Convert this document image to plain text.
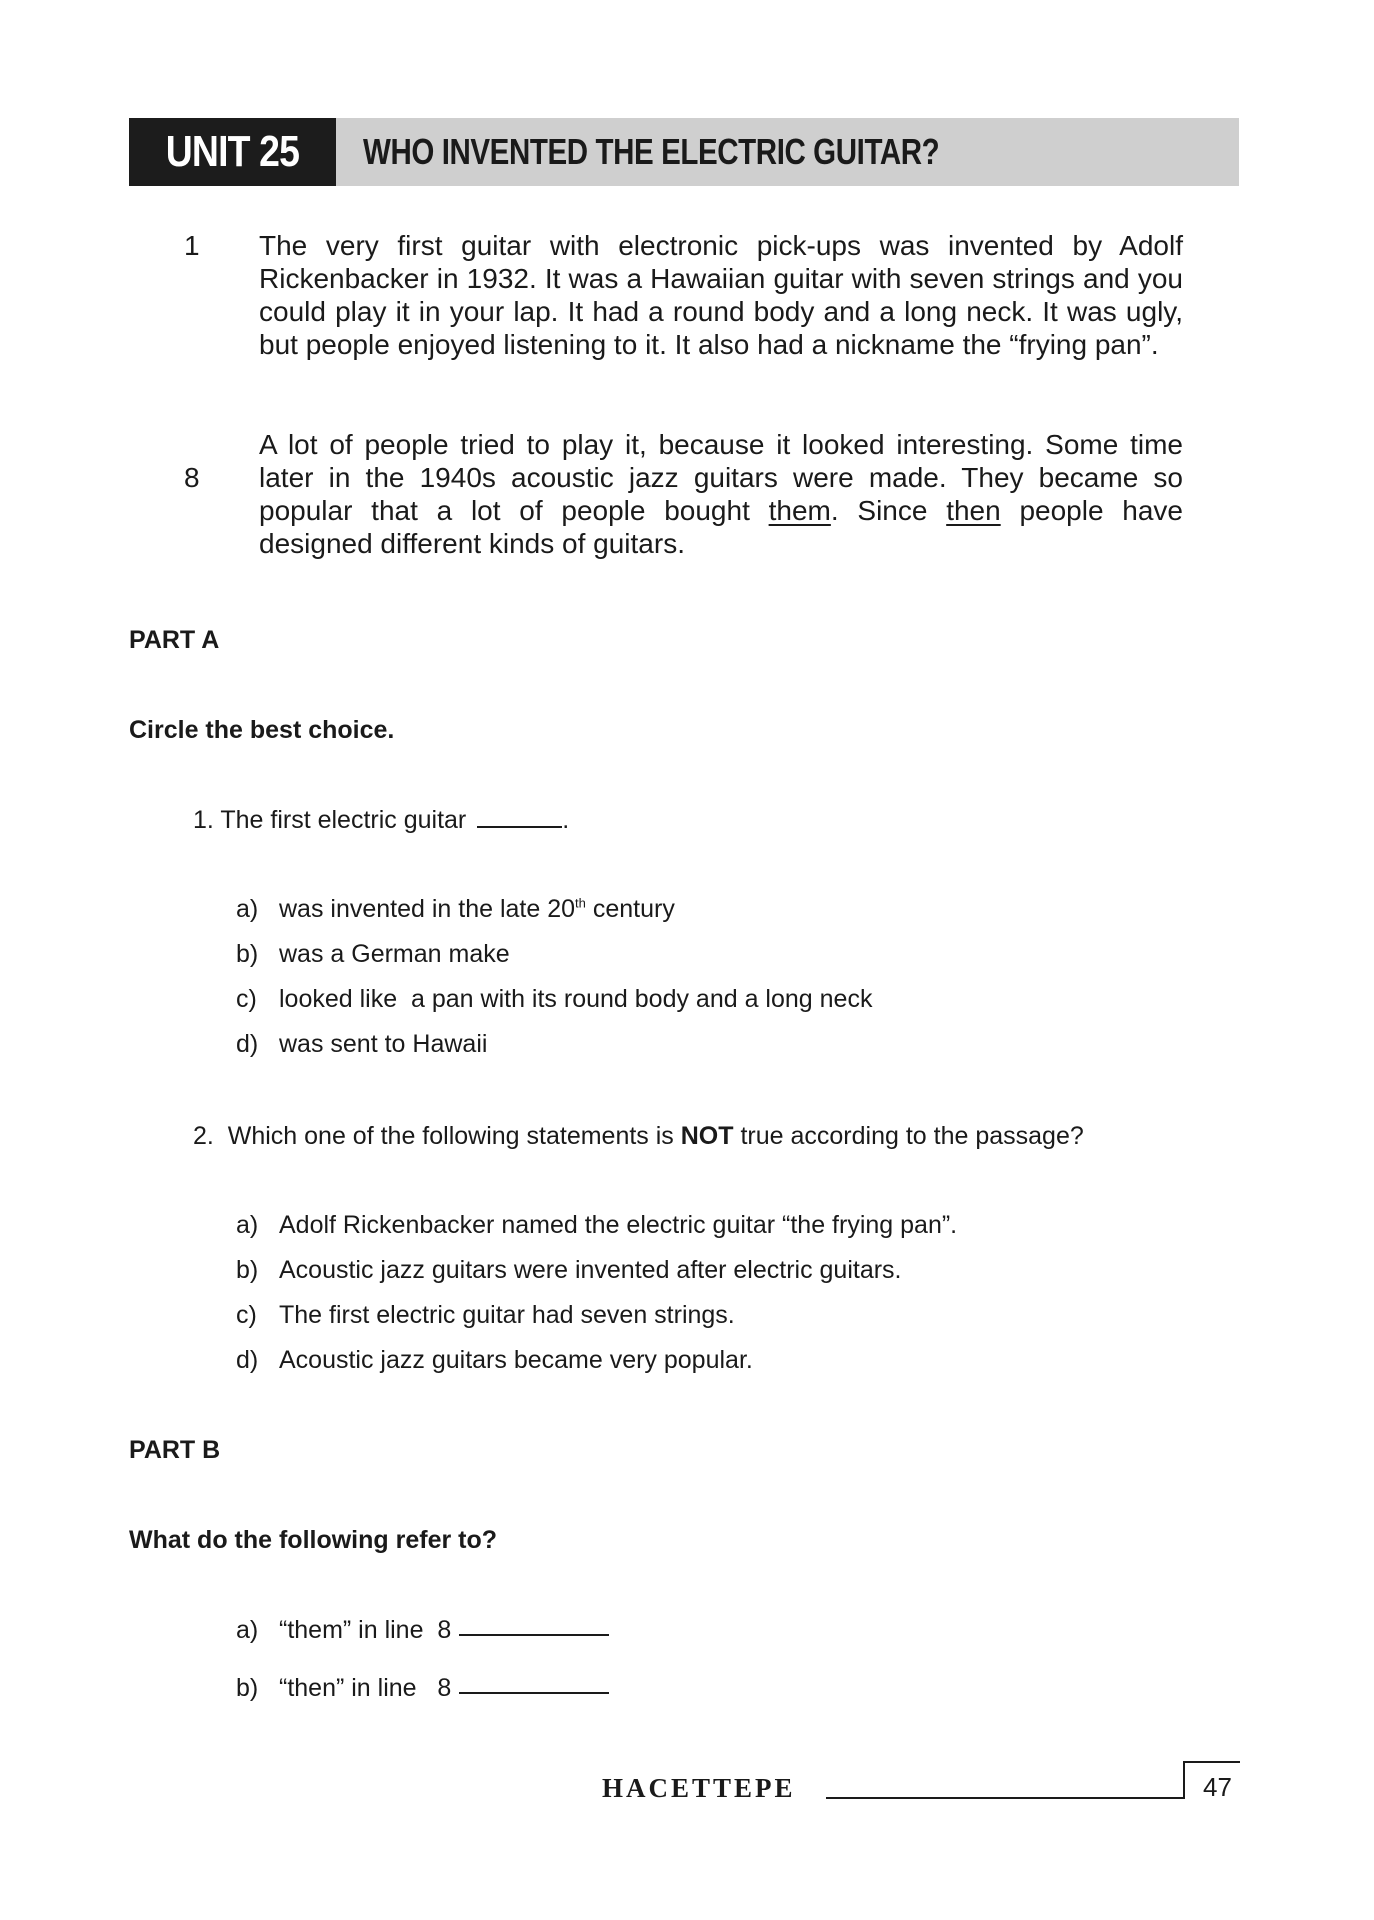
UNIT 25 WHO INVENTED THE ELECTRIC GUITAR?
1
8

The very first guitar with electronic pick-ups was invented by Adolf Rickenbacker in 1932. It was a Hawaiian guitar with seven strings and you could play it in your lap. It had a round body and a long neck. It was ugly, but people enjoyed listening to it. It also had a nickname the “frying pan”.

A lot of people tried to play it, because it looked interesting. Some time later in the 1940s acoustic jazz guitars were made. They became so popular that a lot of people bought them. Since then people have designed different kinds of guitars.

PART A
Circle the best choice.
1. The first electric guitar	.
a) was invented in the late 20th century
b) was a German make
c) looked like  a pan with its round body and a long neck
d) was sent to Hawaii
2.  Which one of the following statements is NOT true according to the passage?
a) Adolf Rickenbacker named the electric guitar “the frying pan”.
b) Acoustic jazz guitars were invented after electric guitars.
c) The first electric guitar had seven strings.
d) Acoustic jazz guitars became very popular.
PART B
What do the following refer to?
a) “them” in line  8
b) “then” in line   8
HACETTEPE	47
